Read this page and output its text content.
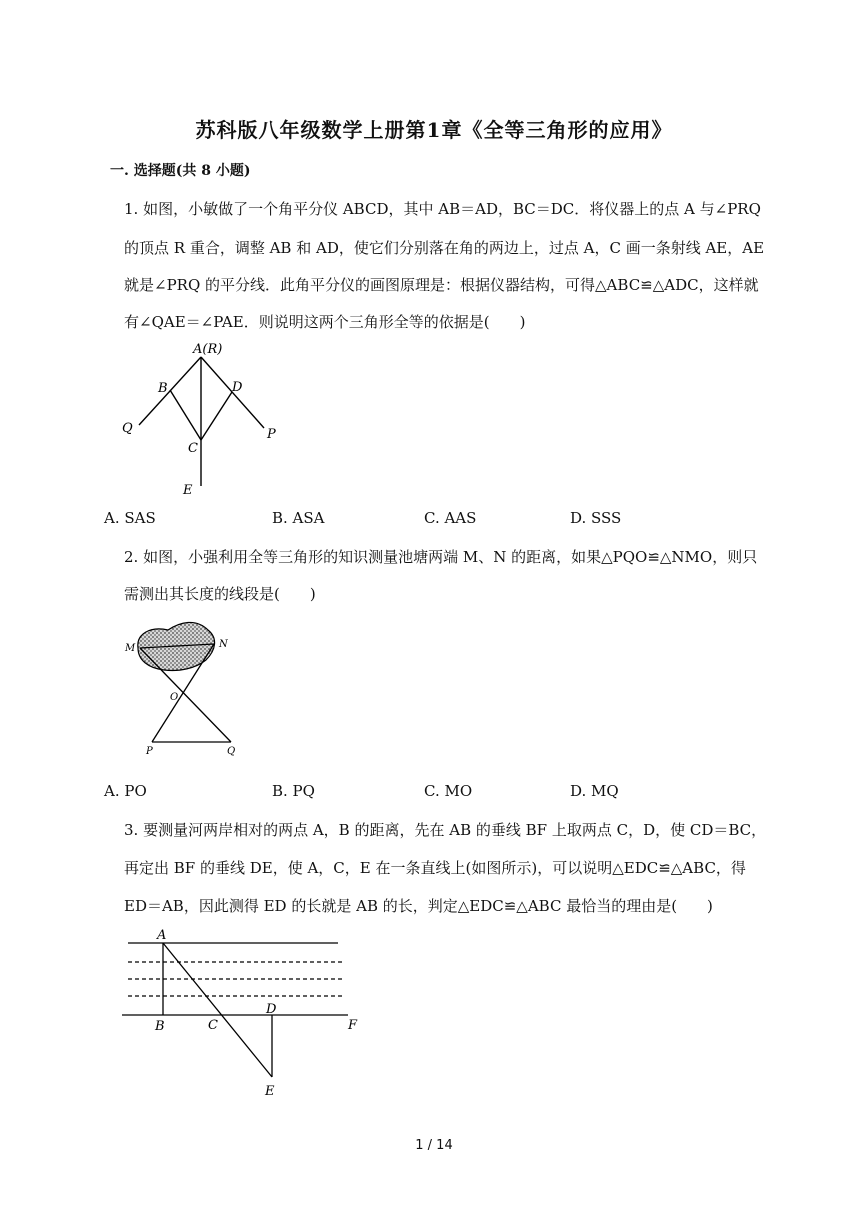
苏科版八年级数学上册第1章《全等三角形的应用》
一. 选择题(共 8 小题)
1. 如图，小敏做了一个角平分仪 ABCD，其中 AB＝AD，BC＝DC．将仪器上的点 A 与∠PRQ
的顶点 R 重合，调整 AB 和 AD，使它们分别落在角的两边上，过点 A，C 画一条射线 AE，AE
就是∠PRQ 的平分线．此角平分仪的画图原理是：根据仪器结构，可得△ABC≌△ADC，这样就
有∠QAE＝∠PAE．则说明这两个三角形全等的依据是(　　)
A(R)
B	D
Q	P
C
E
A. SAS	B. ASA	C. AAS	D. SSS
2. 如图，小强利用全等三角形的知识测量池塘两端 M、N 的距离，如果△PQO≌△NMO，则只
需测出其长度的线段是(　　)
M	N
O
P	Q
A. PO	B. PQ	C. MO	D. MQ
3. 要测量河两岸相对的两点 A，B 的距离，先在 AB 的垂线 BF 上取两点 C，D，使 CD＝BC，
再定出 BF 的垂线 DE，使 A，C，E 在一条直线上(如图所示)，可以说明△EDC≌△ABC，得
ED＝AB，因此测得 ED 的长就是 AB 的长，判定△EDC≌△ABC 最恰当的理由是(　　)
A
B	C
D
F
E
1 / 14
